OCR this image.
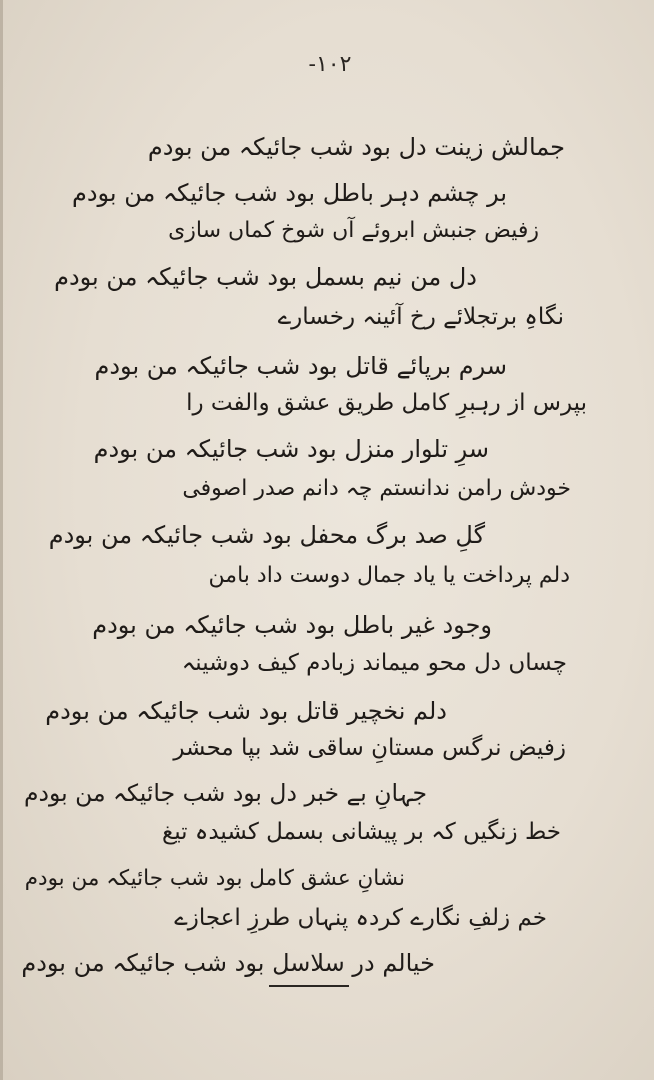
-۱۰۲
جمالش زینت دل بود شب جائیکہ من بودم
بر چشم دہر باطل بود شب جائیکہ من بودم
زفیض جنبش ابروئے آں شوخ کماں سازی
دل من نیم بسمل بود شب جائیکہ من بودم
نگاہِ برتجلائے رخ آئینہ رخسارے
سرم برپائے قاتل بود شب جائیکہ من بودم
بپرس از رہبرِ کامل طریق عشق والفت را
سرِ تلوار منزل بود شب جائیکہ من بودم
خودش رامن ندانستم چہ دانم صدر اصوفی
گلِ صد برگ محفل بود شب جائیکہ من بودم
دلم پرداخت یا یاد جمال دوست داد بامن
وجود غیر باطل بود شب جائیکہ من بودم
چساں دل محو میماند زبادم کیف دوشینہ
دلم نخچیر قاتل بود شب جائیکہ من بودم
زفیض نرگس مستانِ ساقی شد بپا محشر
جہانِ بے خبر دل بود شب جائیکہ من بودم
خط زنگیں کہ بر پیشانی بسمل کشیدہ تیغ
نشانِ عشق کامل بود شب جائیکہ من بودم
خم زلفِ نگارے کردہ پنہاں طرزِ اعجازے
خیالم در سلاسل بود شب جائیکہ من بودم
